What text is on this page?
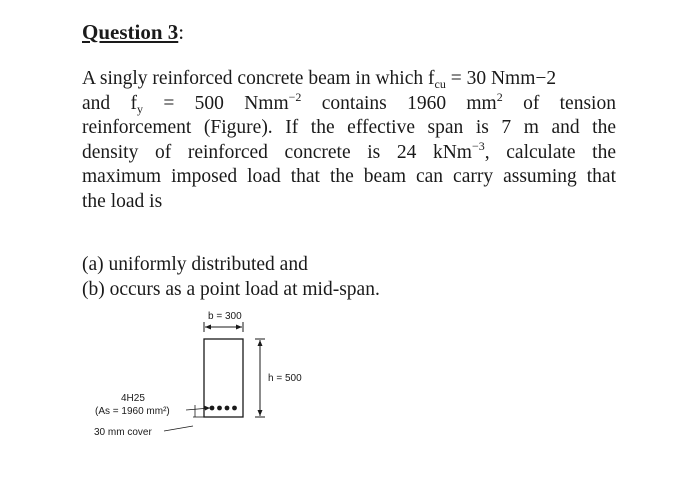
Question 3:
A singly reinforced concrete beam in which $f_{cu} = 30$ Nmm−2
and $f_y = 500$ Nmm$^{-2}$ contains 1960 $mm^2$ of tension
reinforcement (Figure). If the effective span is 7 m and the
density of reinforced concrete is 24 kNm$^{-3}$, calculate the
maximum imposed load that the beam can carry assuming that
the load is
(a) uniformly distributed and
(b) occurs as a point load at mid-span.
b = 300
h = 500
4H25
(As = 1960 mm²)
30 mm cover
